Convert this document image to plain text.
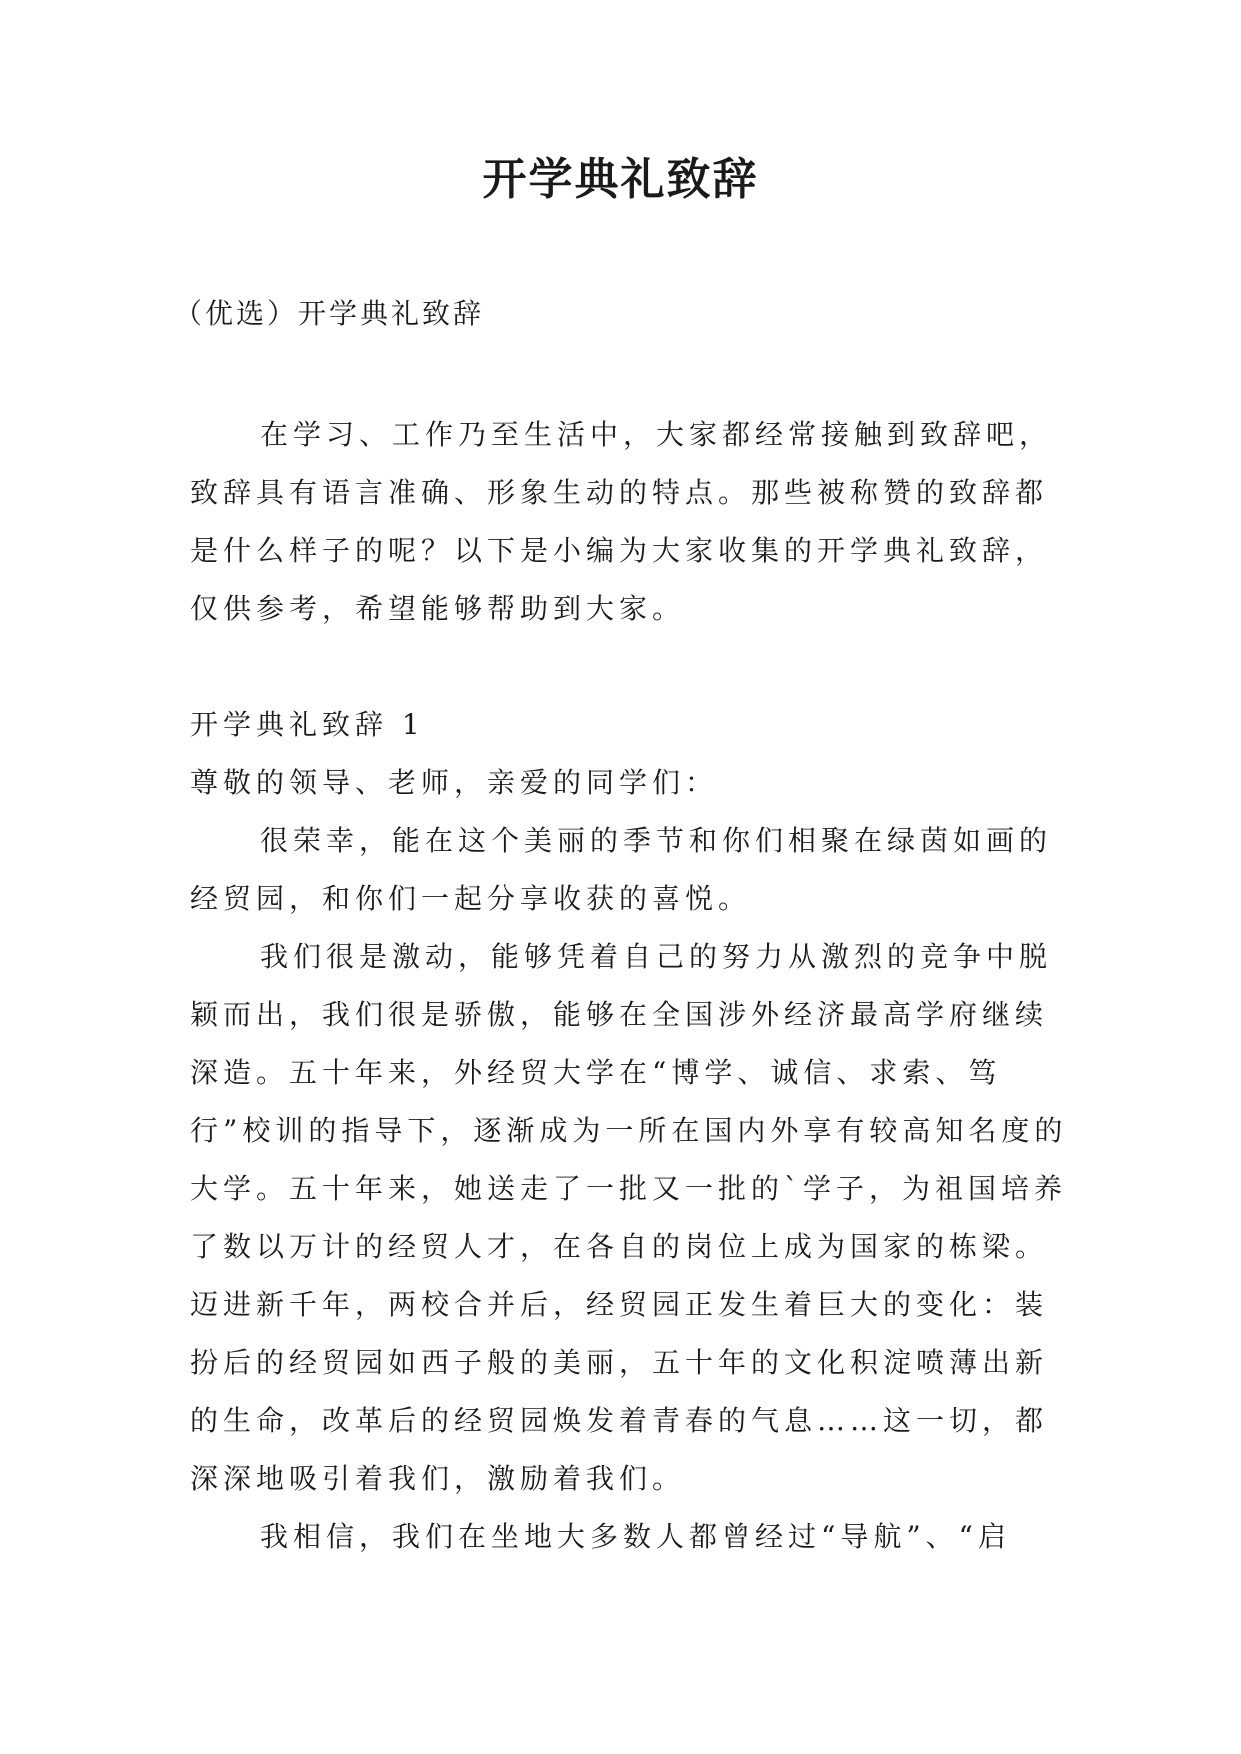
开学典礼致辞
（优选）开学典礼致辞
在学习、工作乃至生活中，大家都经常接触到致辞吧，致辞具有语言准确、形象生动的特点。那些被称赞的致辞都是什么样子的呢？以下是小编为大家收集的开学典礼致辞，仅供参考，希望能够帮助到大家。

开学典礼致辞 1

尊敬的领导、老师，亲爱的同学们：

很荣幸，能在这个美丽的季节和你们相聚在绿茵如画的经贸园，和你们一起分享收获的喜悦。

我们很是激动，能够凭着自己的努力从激烈的竞争中脱颖而出，我们很是骄傲，能够在全国涉外经济最高学府继续深造。五十年来，外经贸大学在“博学、诚信、求索、笃行”校训的指导下，逐渐成为一所在国内外享有较高知名度的大学。五十年来，她送走了一批又一批的`学子，为祖国培养了数以万计的经贸人才，在各自的岗位上成为国家的栋梁。迈进新千年，两校合并后，经贸园正发生着巨大的变化：装扮后的经贸园如西子般的美丽，五十年的文化积淀喷薄出新的生命，改革后的经贸园焕发着青春的气息……这一切，都深深地吸引着我们，激励着我们。

我相信，我们在坐地大多数人都曾经过“导航”、“启
